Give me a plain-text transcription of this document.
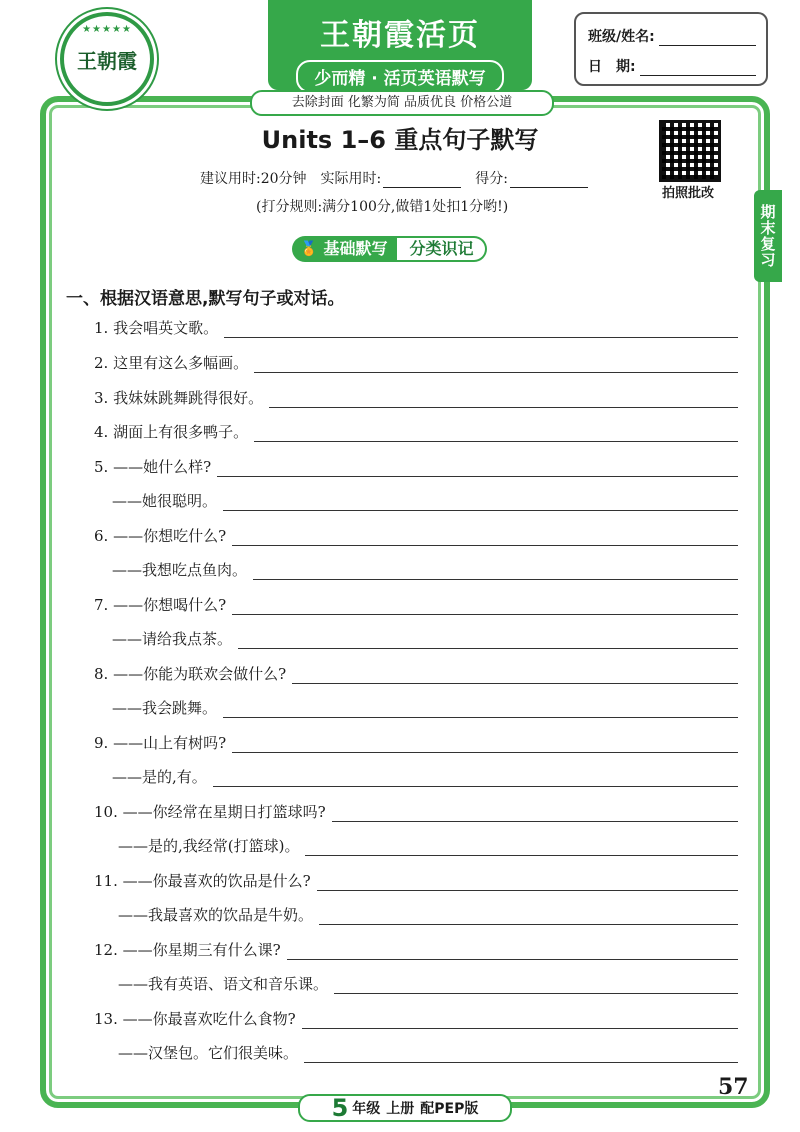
★★★★★
王朝霞
王朝霞活页
少而精 · 活页英语默写
去除封面 化繁为简 品质优良 价格公道
班级/姓名:
日　期:
Units 1–6 重点句子默写
建议用时:20分钟 实际用时:	得分:
(打分规则:满分100分,做错1处扣1分哟!)
拍照批改
期末复习
🏅 基础默写	分类识记
一、根据汉语意思,默写句子或对话。
1. 我会唱英文歌。
2. 这里有这么多幅画。
3. 我妹妹跳舞跳得很好。
4. 湖面上有很多鸭子。
5. ——她什么样?
——她很聪明。
6. ——你想吃什么?
——我想吃点鱼肉。
7. ——你想喝什么?
——请给我点茶。
8. ——你能为联欢会做什么?
——我会跳舞。
9. ——山上有树吗?
——是的,有。
10. ——你经常在星期日打篮球吗?
——是的,我经常(打篮球)。
11. ——你最喜欢的饮品是什么?
——我最喜欢的饮品是牛奶。
12. ——你星期三有什么课?
——我有英语、语文和音乐课。
13. ——你最喜欢吃什么食物?
——汉堡包。它们很美味。
5 年级 上册 配PEP版
57
